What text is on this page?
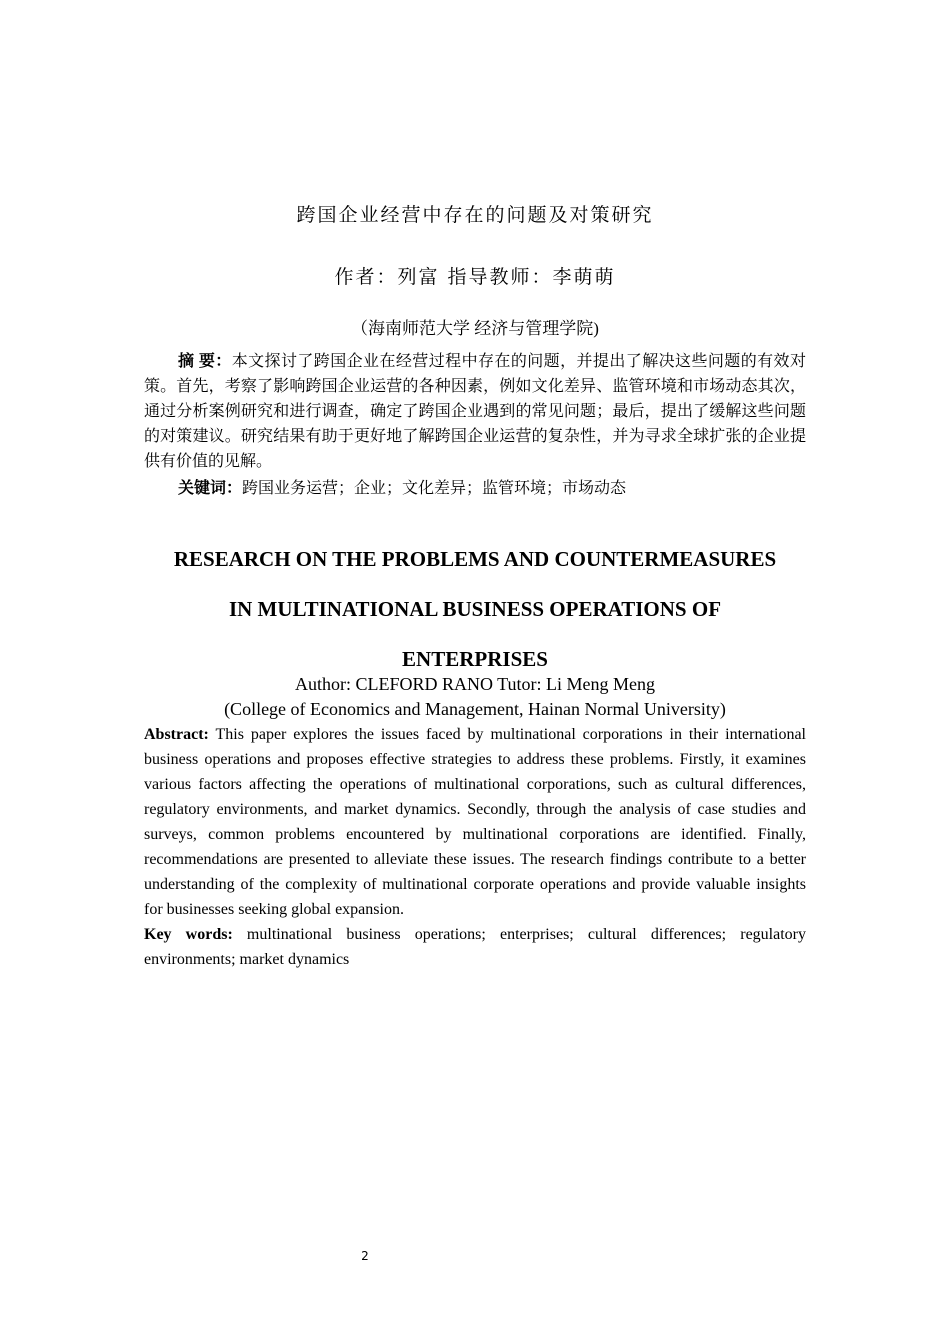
跨国企业经营中存在的问题及对策研究
作者：列富 指导教师：李萌萌
（海南师范大学 经济与管理学院)
摘 要：本文探讨了跨国企业在经营过程中存在的问题，并提出了解决这些问题的有效对策。首先，考察了影响跨国企业运营的各种因素，例如文化差异、监管环境和市场动态其次，通过分析案例研究和进行调查，确定了跨国企业遇到的常见问题；最后，提出了缓解这些问题的对策建议。研究结果有助于更好地了解跨国企业运营的复杂性，并为寻求全球扩张的企业提供有价值的见解。
关键词：跨国业务运营；企业；文化差异；监管环境；市场动态
RESEARCH ON THE PROBLEMS AND COUNTERMEASURES
IN MULTINATIONAL BUSINESS OPERATIONS OF
ENTERPRISES
Author: CLEFORD RANO Tutor: Li Meng Meng
(College of Economics and Management, Hainan Normal University)
Abstract: This paper explores the issues faced by multinational corporations in their international business operations and proposes effective strategies to address these problems. Firstly, it examines various factors affecting the operations of multinational corporations, such as cultural differences, regulatory environments, and market dynamics. Secondly, through the analysis of case studies and surveys, common problems encountered by multinational corporations are identified. Finally, recommendations are presented to alleviate these issues. The research findings contribute to a better understanding of the complexity of multinational corporate operations and provide valuable insights for businesses seeking global expansion.
Key words: multinational business operations; enterprises; cultural differences; regulatory environments; market dynamics
2
